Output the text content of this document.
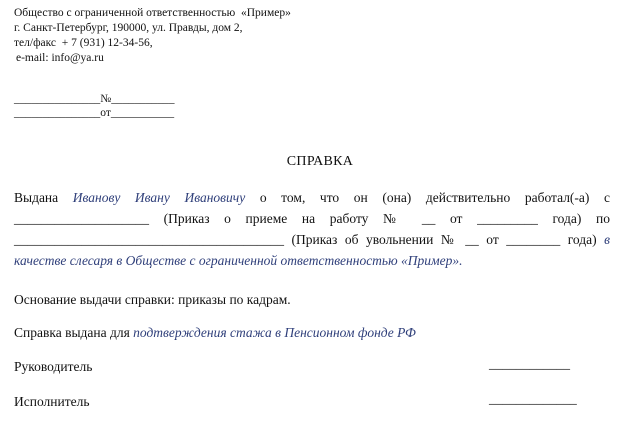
Общество с ограниченной ответственностью  «Пример»
г. Санкт-Петербург, 190000, ул. Правды, дом 2,
тел/факс  + 7 (931) 12-34-56,
e-mail: info@ya.ru
_______________№___________
_______________от___________
СПРАВКА
Выдана Иванову Ивану Ивановичу о том, что он (она) действительно работал(-а) с ____________________ (Приказ о приеме на работу № __ от _________ года) по ________________________________________ (Приказ об увольнении № __ от ________ года) в качестве слесаря в Обществе с ограниченной ответственностью «Пример».
Основание выдачи справки: приказы по кадрам.
Справка выдана для подтверждения стажа в Пенсионном фонде РФ
Руководитель	____________
Исполнитель	_____________
